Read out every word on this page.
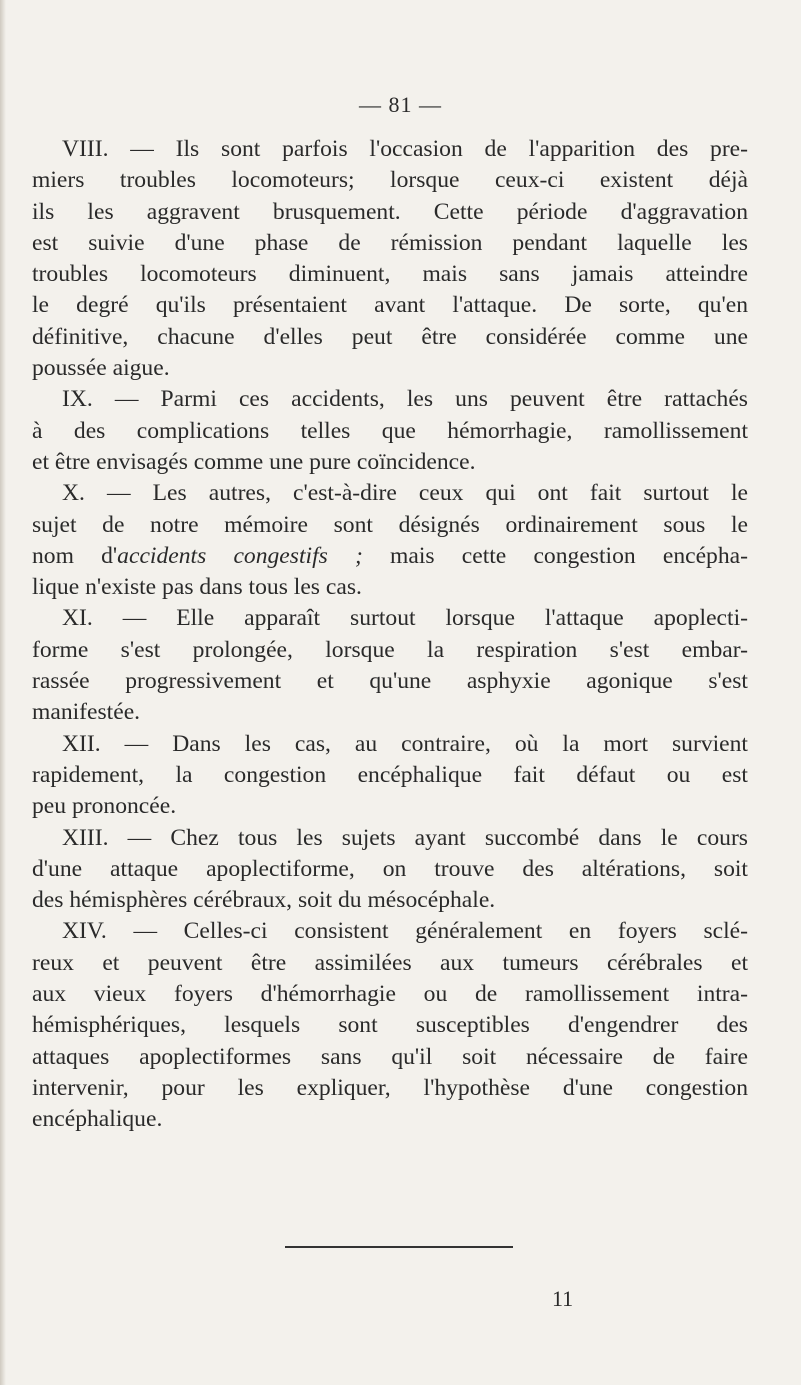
— 81 —
VIII. — Ils sont parfois l'occasion de l'apparition des pre-
miers troubles locomoteurs; lorsque ceux-ci existent déjà
ils les aggravent brusquement. Cette période d'aggravation
est suivie d'une phase de rémission pendant laquelle les
troubles locomoteurs diminuent, mais sans jamais atteindre
le degré qu'ils présentaient avant l'attaque. De sorte, qu'en
définitive, chacune d'elles peut être considérée comme une
poussée aigue.
IX. — Parmi ces accidents, les uns peuvent être rattachés
à des complications telles que hémorrhagie, ramollissement
et être envisagés comme une pure coïncidence.
X. — Les autres, c'est-à-dire ceux qui ont fait surtout le
sujet de notre mémoire sont désignés ordinairement sous le
nom d'accidents congestifs ; mais cette congestion encépha-
lique n'existe pas dans tous les cas.
XI. — Elle apparaît surtout lorsque l'attaque apoplecti-
forme s'est prolongée, lorsque la respiration s'est embar-
rassée progressivement et qu'une asphyxie agonique s'est
manifestée.
XII. — Dans les cas, au contraire, où la mort survient
rapidement, la congestion encéphalique fait défaut ou est
peu prononcée.
XIII. — Chez tous les sujets ayant succombé dans le cours
d'une attaque apoplectiforme, on trouve des altérations, soit
des hémisphères cérébraux, soit du mésocéphale.
XIV. — Celles-ci consistent généralement en foyers sclé-
reux et peuvent être assimilées aux tumeurs cérébrales et
aux vieux foyers d'hémorrhagie ou de ramollissement intra-
hémisphériques, lesquels sont susceptibles d'engendrer des
attaques apoplectiformes sans qu'il soit nécessaire de faire
intervenir, pour les expliquer, l'hypothèse d'une congestion
encéphalique.
11
